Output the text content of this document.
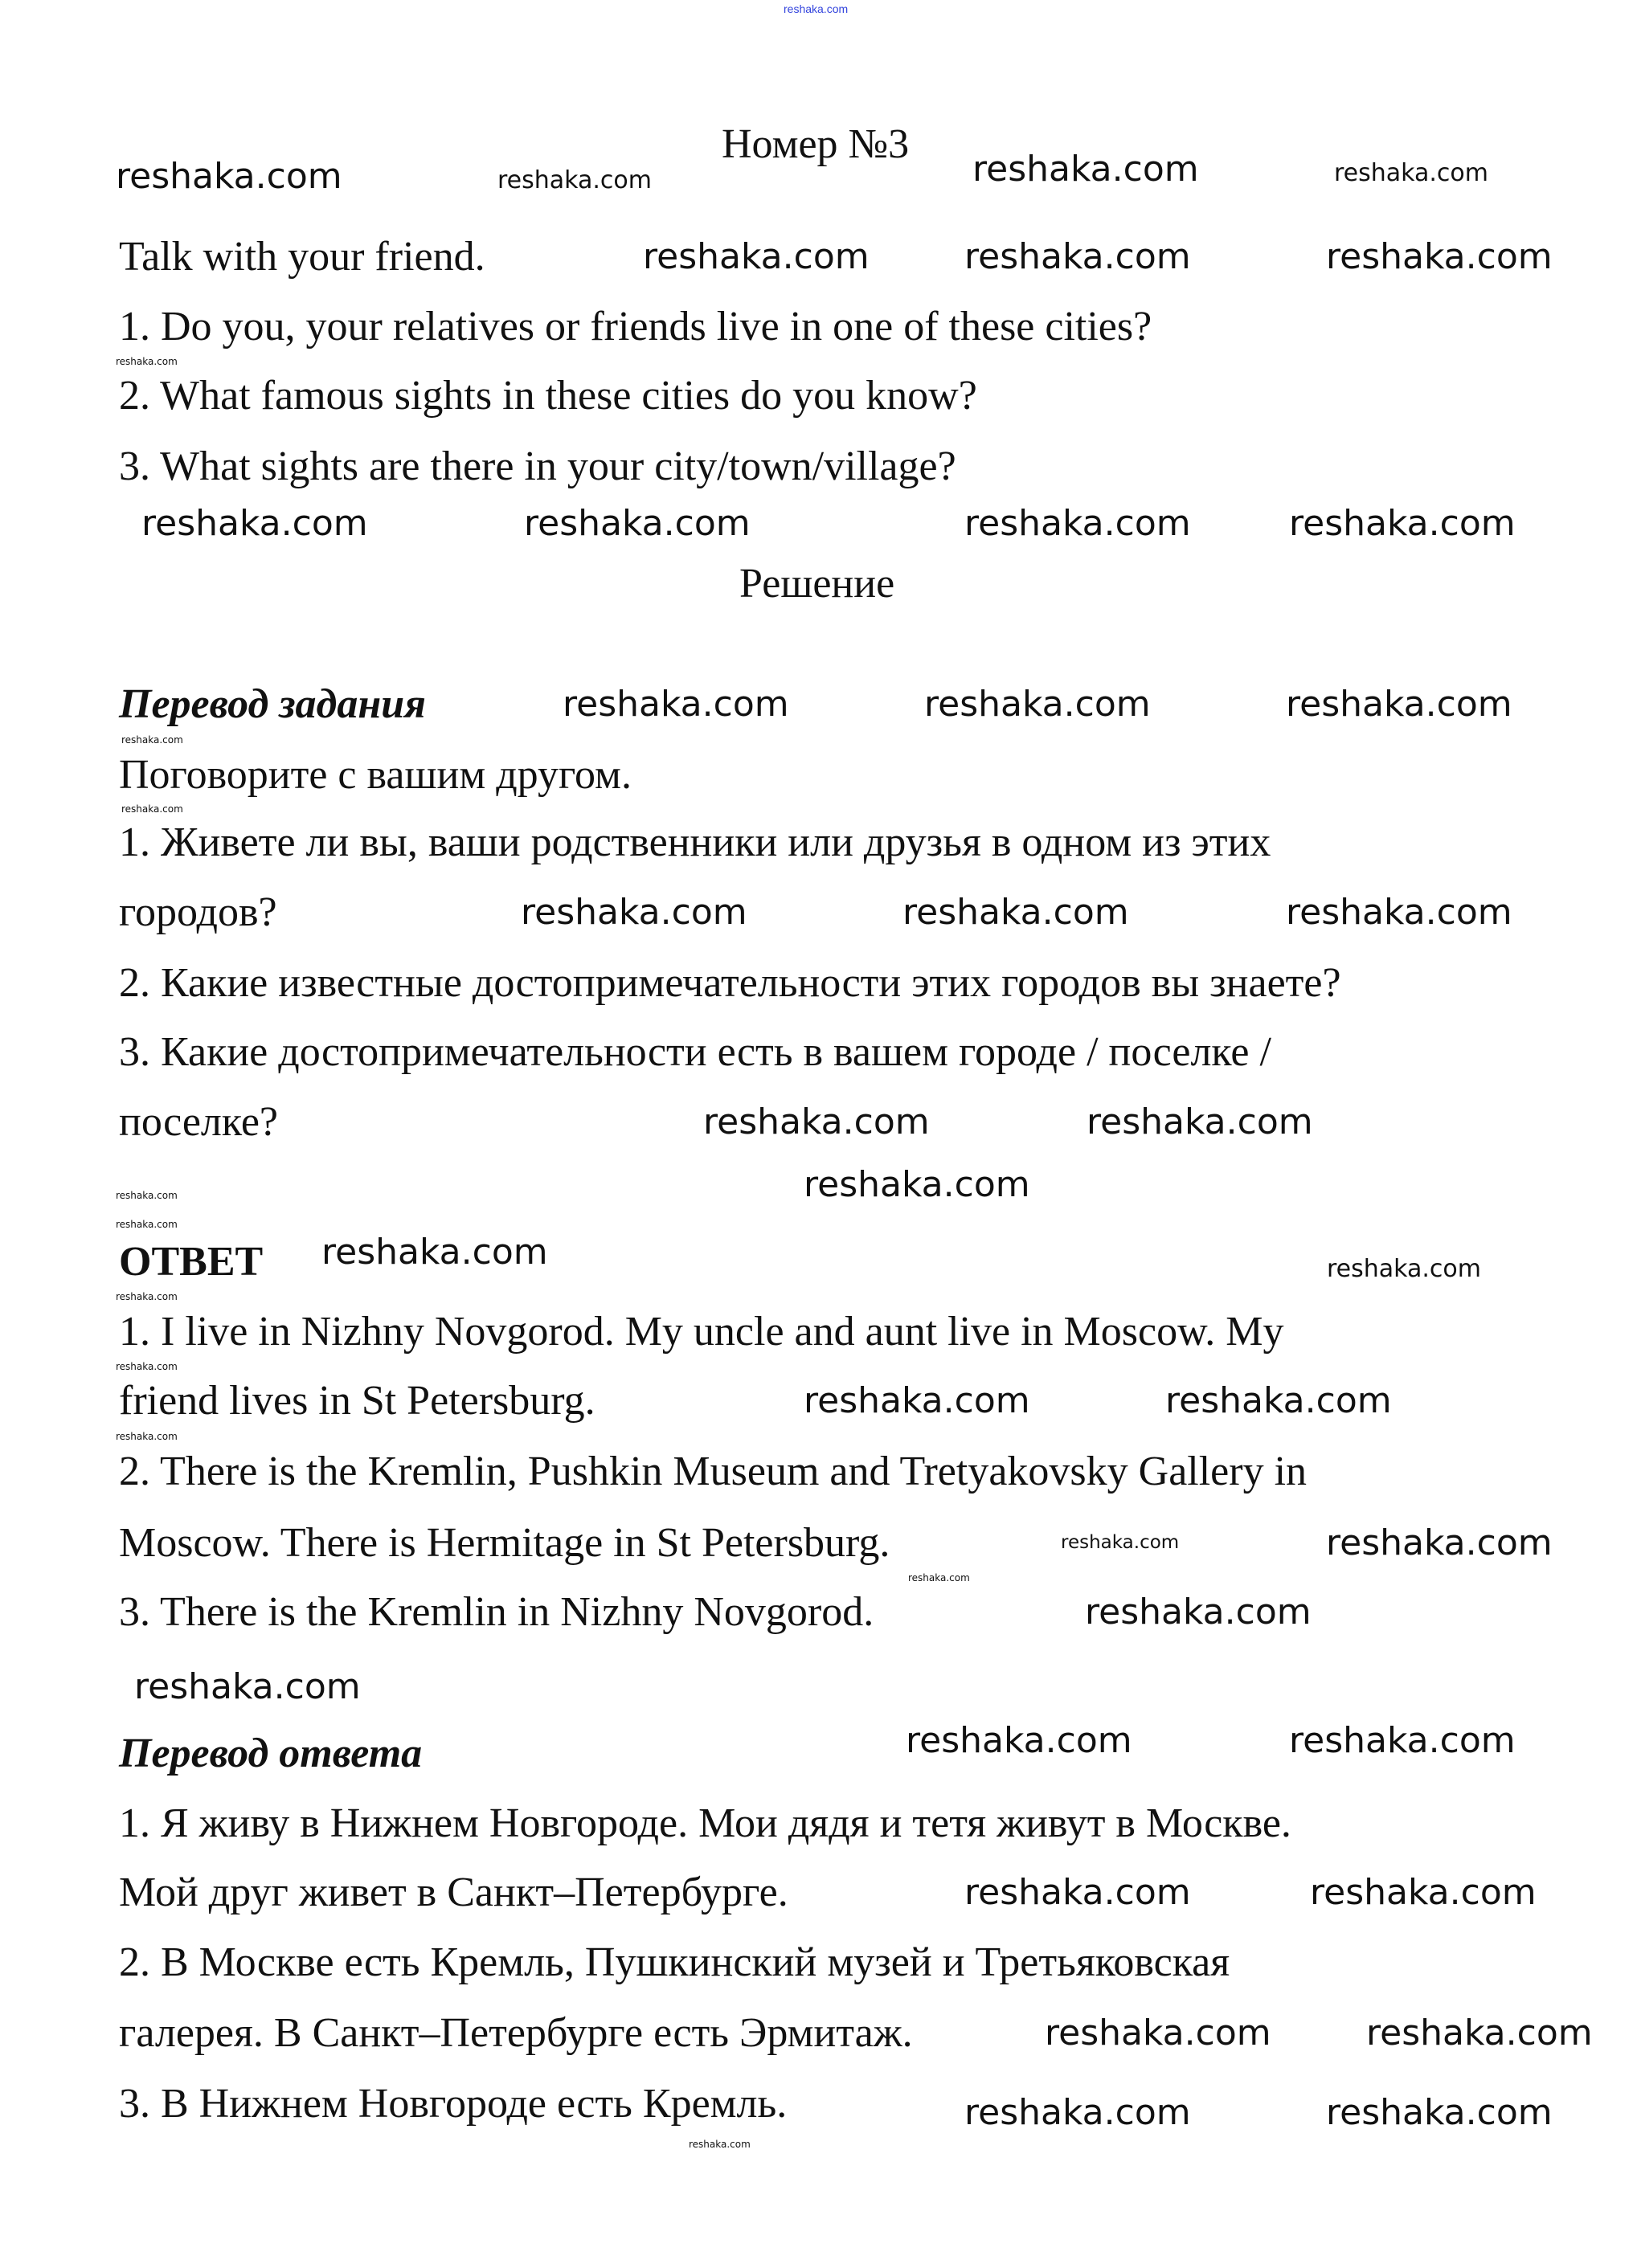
reshaka.com
Номер №3
Talk with your friend.
1. Do you, your relatives or friends live in one of these cities?
2. What famous sights in these cities do you know?
3. What sights are there in your city/town/village?
Решение
Перевод задания
Поговорите с вашим другом.
1. Живете ли вы, ваши родственники или друзья в одном из этих
городов?
2. Какие известные достопримечательности этих городов вы знаете?
3. Какие достопримечательности есть в вашем городе / поселке /
поселке?
ОТВЕТ
1. I live in Nizhny Novgorod. My uncle and aunt live in Moscow. My
friend lives in St Petersburg.
2. There is the Kremlin, Pushkin Museum and Tretyakovsky Gallery in
Moscow. There is Hermitage in St Petersburg.
3. There is the Kremlin in Nizhny Novgorod.
Перевод ответа
1. Я живу в Нижнем Новгороде. Мои дядя и тетя живут в Москве.
Мой друг живет в Санкт–Петербурге.
2. В Москве есть Кремль, Пушкинский музей и Третьяковская
галерея. В Санкт–Петербурге есть Эрмитаж.
3. В Нижнем Новгороде есть Кремль.
reshaka.com	reshaka.com
reshaka.com	reshaka.com	reshaka.com
reshaka.com	reshaka.com	reshaka.com	reshaka.com
reshaka.com	reshaka.com	reshaka.com
reshaka.com	reshaka.com	reshaka.com
reshaka.com
reshaka.com	reshaka.com
reshaka.com
reshaka.com	reshaka.com
reshaka.com
reshaka.com
reshaka.com
reshaka.com	reshaka.com
reshaka.com	reshaka.com
reshaka.com	reshaka.com
reshaka.com	reshaka.com
reshaka.com	reshaka.com
reshaka.com
reshaka.com
reshaka.com
reshaka.com
reshaka.com
reshaka.com
reshaka.com
reshaka.com
reshaka.com
reshaka.com
reshaka.com
reshaka.com
